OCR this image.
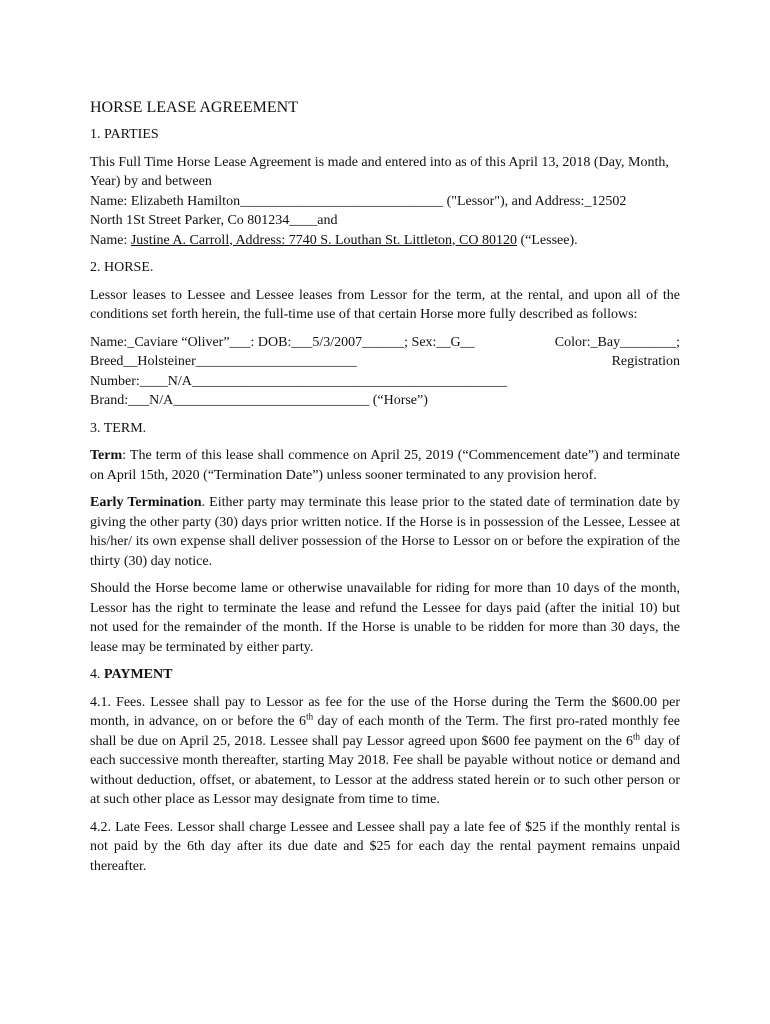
HORSE LEASE AGREEMENT
1. PARTIES
This Full Time Horse Lease Agreement is made and entered into as of this April 13, 2018 (Day, Month, Year) by and between
Name: Elizabeth Hamilton_____________________________ ("Lessor"), and Address:_12502
North 1St Street Parker, Co 801234____and
Name: Justine A. Carroll, Address: 7740 S. Louthan St. Littleton, CO 80120 (“Lessee).
2. HORSE.

Lessor leases to Lessee and Lessee leases from Lessor for the term, at the rental, and upon all of the conditions set forth herein, the full-time use of that certain Horse more fully described as follows:

Name:_Caviare “Oliver”___: DOB:___5/3/2007______; Sex:__G__	Color:_Bay________;
Breed__Holsteiner_______________________	Registration
Number:____N/A_____________________________________________
Brand:___N/A____________________________ (“Horse”)
3. TERM.

Term: The term of this lease shall commence on April 25, 2019 (“Commencement date”) and terminate on April 15th, 2020 (“Termination Date”) unless sooner terminated to any provision herof.

Early Termination. Either party may terminate this lease prior to the stated date of termination date by giving the other party (30) days prior written notice. If the Horse is in possession of the Lessee, Lessee at his/her/ its own expense shall deliver possession of the Horse to Lessor on or before the expiration of the thirty (30) day notice.

Should the Horse become lame or otherwise unavailable for riding for more than 10 days of the month, Lessor has the right to terminate the lease and refund the Lessee for days paid (after the initial 10) but not used for the remainder of the month. If the Horse is unable to be ridden for more than 30 days, the lease may be terminated by either party.

4. PAYMENT

4.1. Fees. Lessee shall pay to Lessor as fee for the use of the Horse during the Term the $600.00 per month, in advance, on or before the 6th day of each month of the Term. The first pro-rated monthly fee shall be due on April 25, 2018. Lessee shall pay Lessor agreed upon $600 fee payment on the 6th day of each successive month thereafter, starting May 2018. Fee shall be payable without notice or demand and without deduction, offset, or abatement, to Lessor at the address stated herein or to such other person or at such other place as Lessor may designate from time to time.

4.2. Late Fees. Lessor shall charge Lessee and Lessee shall pay a late fee of $25 if the monthly rental is not paid by the 6th day after its due date and $25 for each day the rental payment remains unpaid thereafter.
